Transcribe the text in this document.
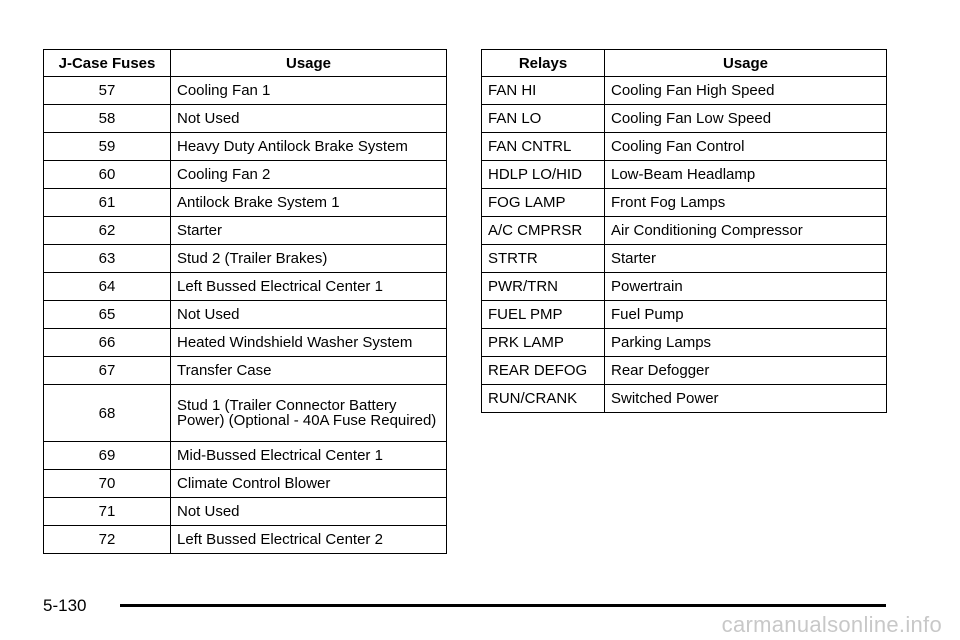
J-Case Fuses	Usage
57	Cooling Fan 1
58	Not Used
59	Heavy Duty Antilock Brake System
60	Cooling Fan 2
61	Antilock Brake System 1
62	Starter
63	Stud 2 (Trailer Brakes)
64	Left Bussed Electrical Center 1
65	Not Used
66	Heated Windshield Washer System
67	Transfer Case
68	Stud 1 (Trailer Connector Battery Power) (Optional - 40A Fuse Required)
69	Mid-Bussed Electrical Center 1
70	Climate Control Blower
71	Not Used
72	Left Bussed Electrical Center 2
Relays	Usage
FAN HI	Cooling Fan High Speed
FAN LO	Cooling Fan Low Speed
FAN CNTRL	Cooling Fan Control
HDLP LO/HID	Low-Beam Headlamp
FOG LAMP	Front Fog Lamps
A/C CMPRSR	Air Conditioning Compressor
STRTR	Starter
PWR/TRN	Powertrain
FUEL PMP	Fuel Pump
PRK LAMP	Parking Lamps
REAR DEFOG	Rear Defogger
RUN/CRANK	Switched Power
5-130
carmanualsonline.info
